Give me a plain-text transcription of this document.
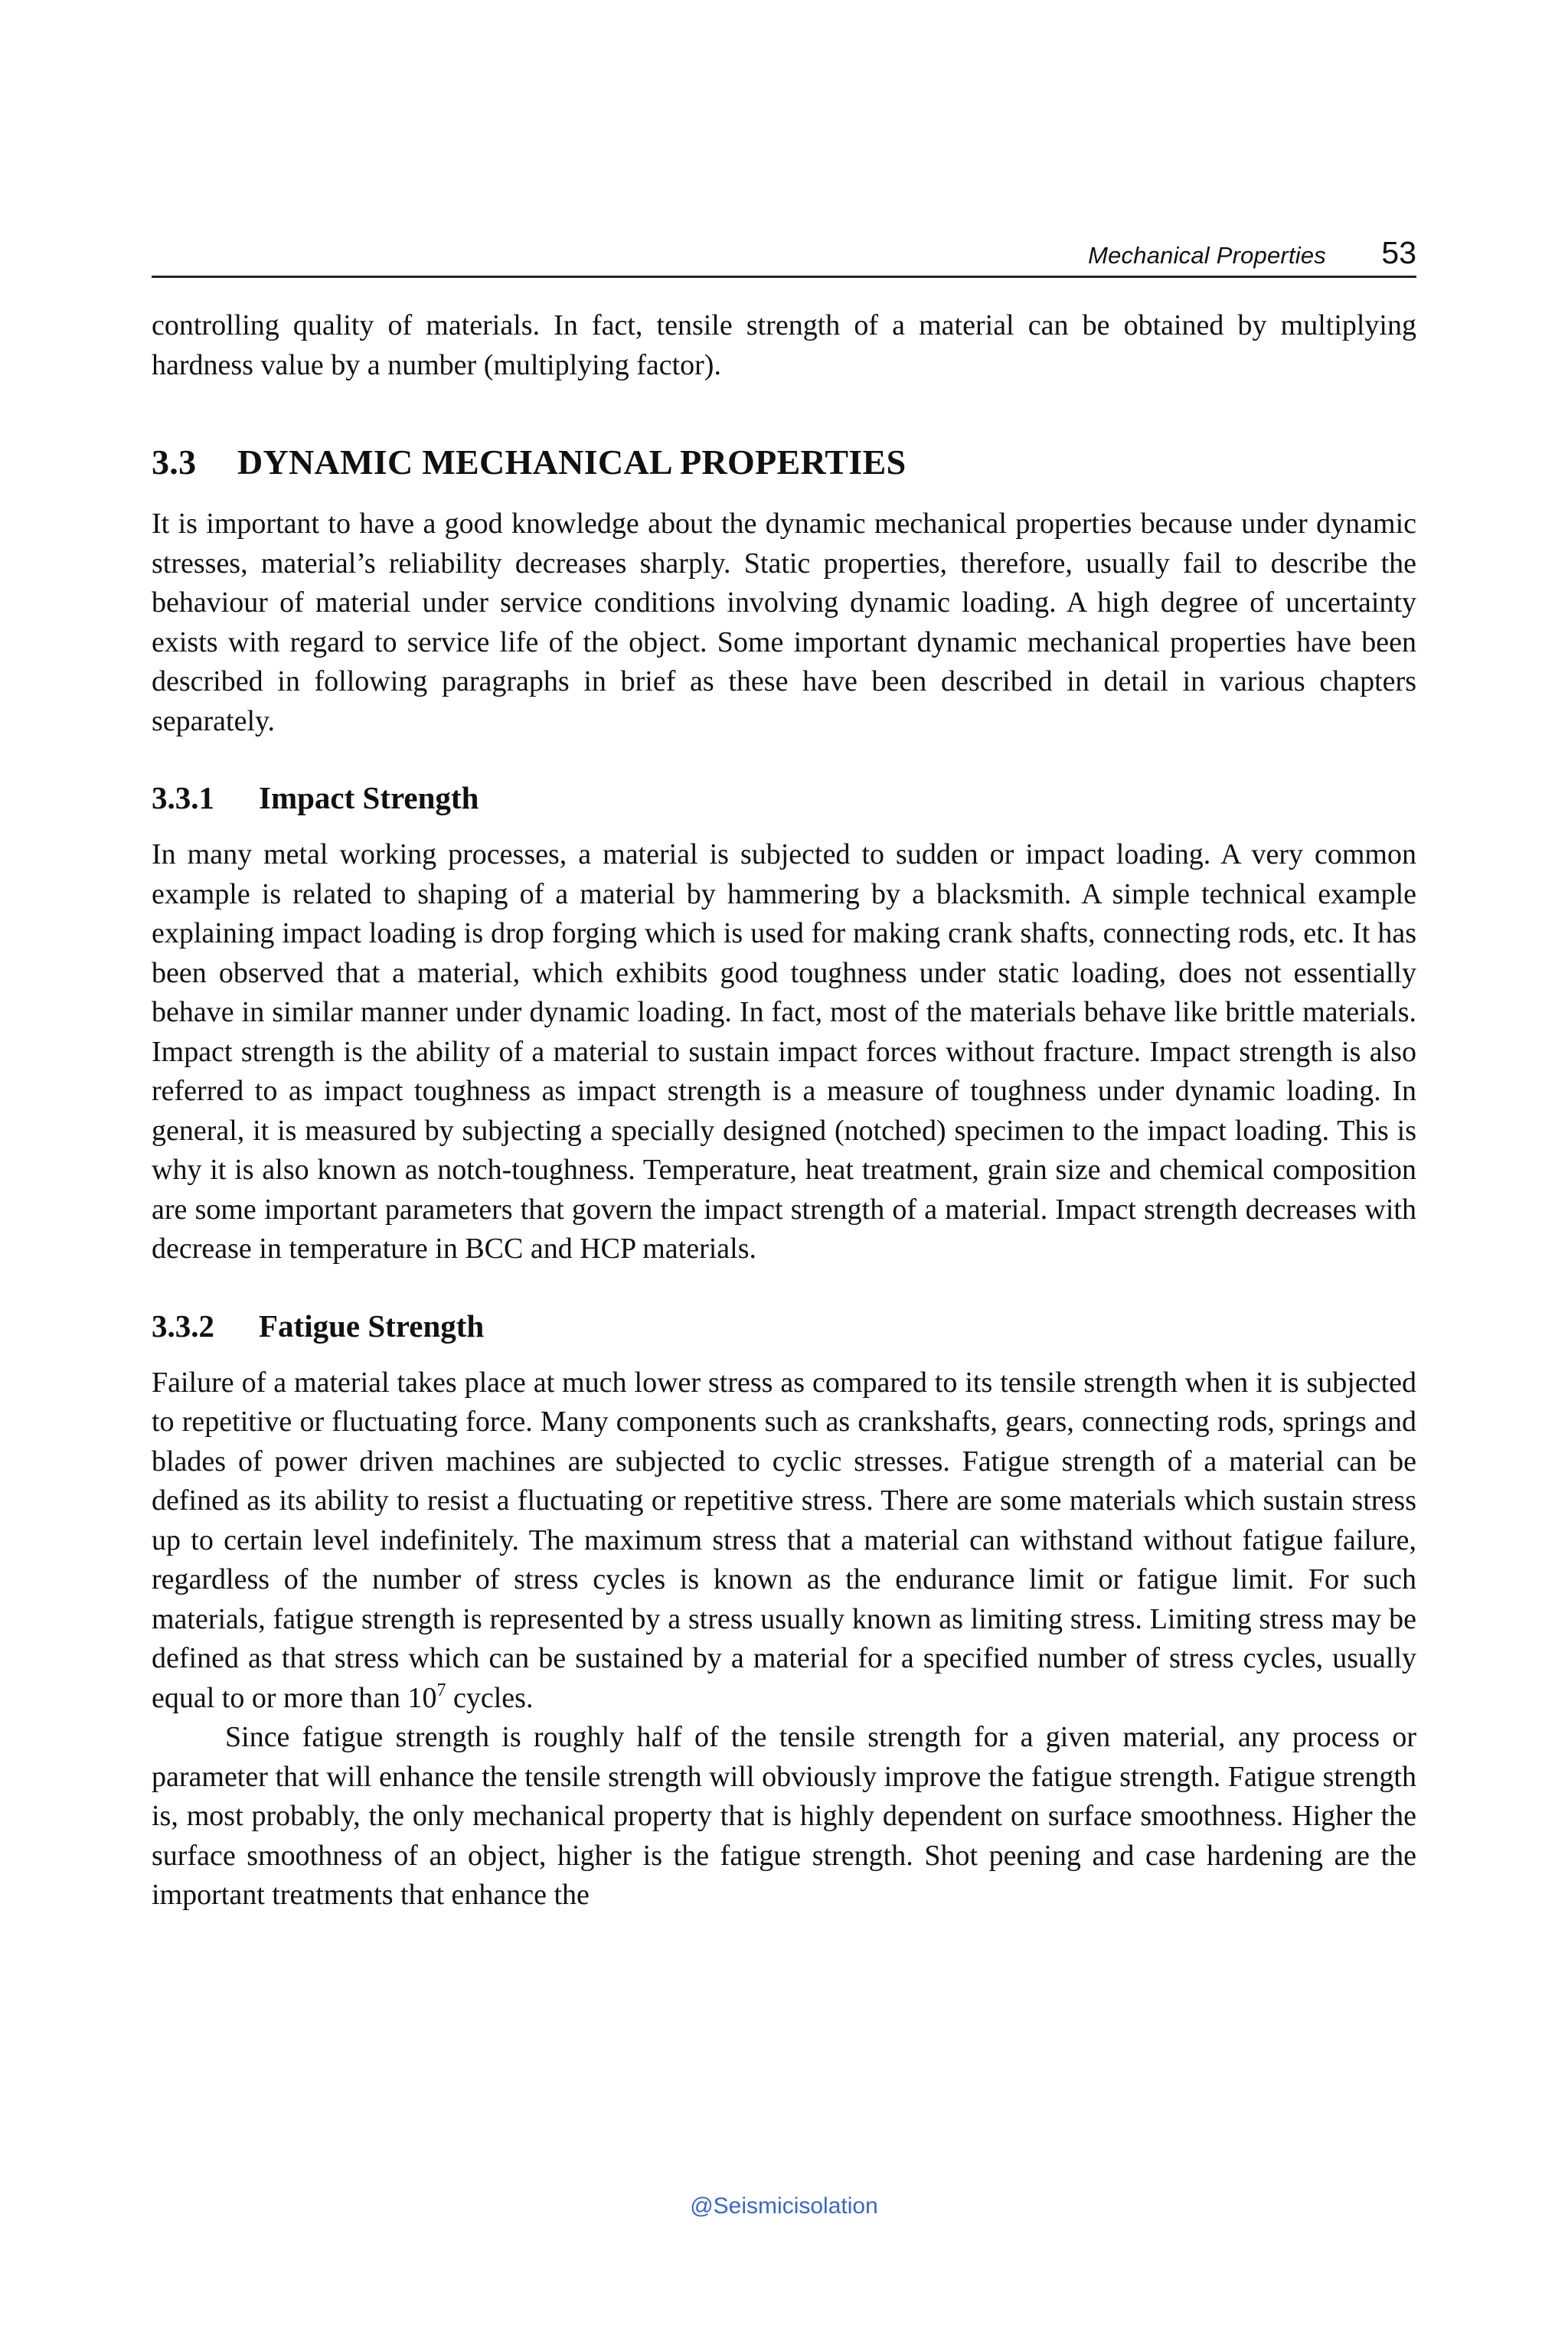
Mechanical Properties 53

controlling quality of materials. In fact, tensile strength of a material can be obtained by multiplying hardness value by a number (multiplying factor).

3.3 DYNAMIC MECHANICAL PROPERTIES

It is important to have a good knowledge about the dynamic mechanical properties because under dynamic stresses, material’s reliability decreases sharply. Static properties, therefore, usually fail to describe the behaviour of material under service conditions involving dynamic loading. A high degree of uncertainty exists with regard to service life of the object. Some important dynamic mechanical properties have been described in following paragraphs in brief as these have been described in detail in various chapters separately.

3.3.1 Impact Strength

In many metal working processes, a material is subjected to sudden or impact loading. A very common example is related to shaping of a material by hammering by a blacksmith. A simple technical example explaining impact loading is drop forging which is used for making crank shafts, connecting rods, etc. It has been observed that a material, which exhibits good toughness under static loading, does not essentially behave in similar manner under dynamic loading. In fact, most of the materials behave like brittle materials. Impact strength is the ability of a material to sustain impact forces without fracture. Impact strength is also referred to as impact toughness as impact strength is a measure of toughness under dynamic loading. In general, it is measured by subjecting a specially designed (notched) specimen to the impact loading. This is why it is also known as notch-toughness. Temperature, heat treatment, grain size and chemical composition are some important parameters that govern the impact strength of a material. Impact strength decreases with decrease in temperature in BCC and HCP materials.

3.3.2 Fatigue Strength

Failure of a material takes place at much lower stress as compared to its tensile strength when it is subjected to repetitive or fluctuating force. Many components such as crankshafts, gears, connecting rods, springs and blades of power driven machines are subjected to cyclic stresses. Fatigue strength of a material can be defined as its ability to resist a fluctuating or repetitive stress. There are some materials which sustain stress up to certain level indefinitely. The maximum stress that a material can withstand without fatigue failure, regardless of the number of stress cycles is known as the endurance limit or fatigue limit. For such materials, fatigue strength is represented by a stress usually known as limiting stress. Limiting stress may be defined as that stress which can be sustained by a material for a specified number of stress cycles, usually equal to or more than $10^7$ cycles.

Since fatigue strength is roughly half of the tensile strength for a given material, any process or parameter that will enhance the tensile strength will obviously improve the fatigue strength. Fatigue strength is, most probably, the only mechanical property that is highly dependent on surface smoothness. Higher the surface smoothness of an object, higher is the fatigue strength. Shot peening and case hardening are the important treatments that enhance the

@Seismicisolation
